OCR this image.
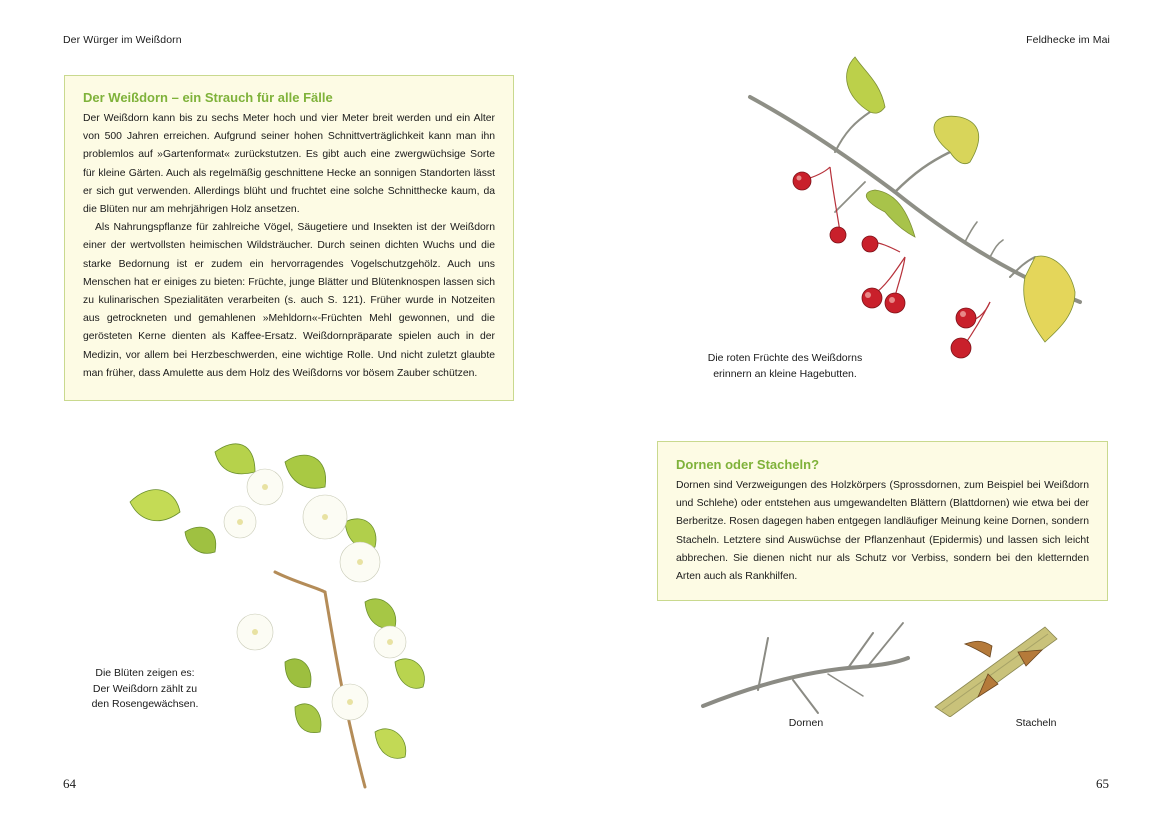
Der Würger im Weißdorn	Feldhecke im Mai
Der Weißdorn – ein Strauch für alle Fälle

Der Weißdorn kann bis zu sechs Meter hoch und vier Meter breit werden und ein Alter von 500 Jahren erreichen. Aufgrund seiner hohen Schnittverträglichkeit kann man ihn problemlos auf »Gartenformat« zurückstutzen. Es gibt auch eine zwergwüchsige Sorte für kleine Gärten. Auch als regelmäßig geschnittene Hecke an sonnigen Standorten lässt er sich gut verwenden. Allerdings blüht und fruchtet eine solche Schnitthecke kaum, da die Blüten nur am mehrjährigen Holz ansetzen.

Als Nahrungspflanze für zahlreiche Vögel, Säugetiere und Insekten ist der Weißdorn einer der wertvollsten heimischen Wildsträucher. Durch seinen dichten Wuchs und die starke Bedornung ist er zudem ein hervorragendes Vogelschutzgehölz. Auch uns Menschen hat er einiges zu bieten: Früchte, junge Blätter und Blütenknospen lassen sich zu kulinarischen Spezialitäten verarbeiten (s. auch S. 121). Früher wurde in Notzeiten aus getrockneten und gemahlenen »Mehldorn«-Früchten Mehl gewonnen, und die gerösteten Kerne dienten als Kaffee-Ersatz. Weißdornpräparate spielen auch in der Medizin, vor allem bei Herzbeschwerden, eine wichtige Rolle. Und nicht zuletzt glaubte man früher, dass Amulette aus dem Holz des Weißdorns vor bösem Zauber schützen.

Dornen oder Stacheln?

Dornen sind Verzweigungen des Holzkörpers (Sprossdornen, zum Beispiel bei Weißdorn und Schlehe) oder entstehen aus umgewandelten Blättern (Blattdornen) wie etwa bei der Berberitze. Rosen dagegen haben entgegen landläufiger Meinung keine Dornen, sondern Stacheln. Letztere sind Auswüchse der Pflanzenhaut (Epidermis) und lassen sich leicht abbrechen. Sie dienen nicht nur als Schutz vor Verbiss, sondern bei den kletternden Arten auch als Rankhilfen.

Die roten Früchte des Weißdorns
erinnern an kleine Hagebutten.
Die Blüten zeigen es:
Der Weißdorn zählt zu
den Rosengewächsen.
Dornen	Stacheln
64	65
